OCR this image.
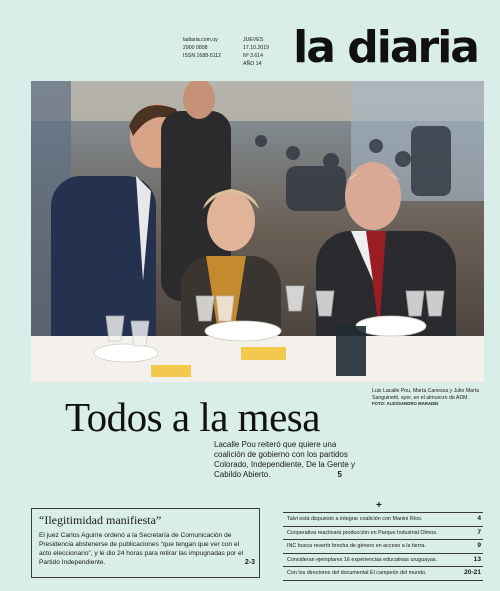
ladiaria.com.uy
2900 0808
ISSN 1688-5112
JUEVES
17.10.2019
Nº 3.614
AÑO 14 la diaria
Luis Lacalle Pou, Marta Canessa y Julio María Sanguinetti, ayer, en el almuerzo de ADM.
FOTO: ALESSANDRO MARADEI
Todos a la mesa
Lacalle Pou reiteró que quiere una coalición de gobierno con los partidos Colorado, Independiente, De la Gente y Cabildo Abierto.	5
“Ilegitimidad manifiesta”
El juez Carlos Aguirre ordenó a la Secretaría de Comunicación de Presidencia abstenerse de publicaciones “que tengan que ver con el acto eleccionario”, y le dio 24 horas para retirar las impugnadas por el Partido Independiente.	2-3
+
Talvi está dispuesto a integrar coalición con Manini Ríos.	4
Cooperativa reactivará producción en Parque Industrial Olmos.	7
INC busca revertir brecha de género en acceso a la tierra.	9
Consideran ejemplares 16 experiencias educativas uruguayas.	13
Con los directores del documental El campeón del mundo.	20-21
